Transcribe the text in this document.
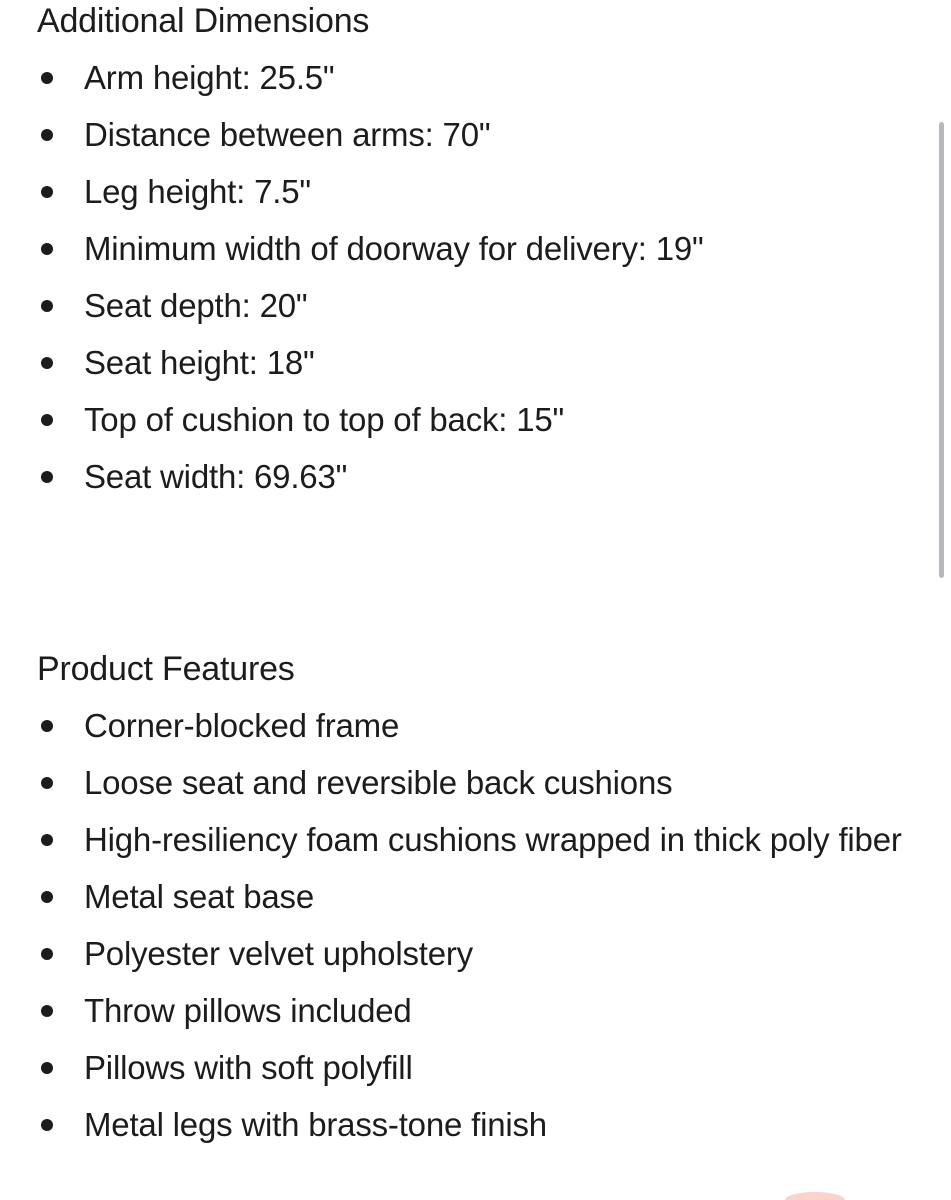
Additional Dimensions
Arm height: 25.5"
Distance between arms: 70"
Leg height: 7.5"
Minimum width of doorway for delivery: 19"
Seat depth: 20"
Seat height: 18"
Top of cushion to top of back: 15"
Seat width: 69.63"
Product Features
Corner-blocked frame
Loose seat and reversible back cushions
High-resiliency foam cushions wrapped in thick poly fiber
Metal seat base
Polyester velvet upholstery
Throw pillows included
Pillows with soft polyfill
Metal legs with brass-tone finish
